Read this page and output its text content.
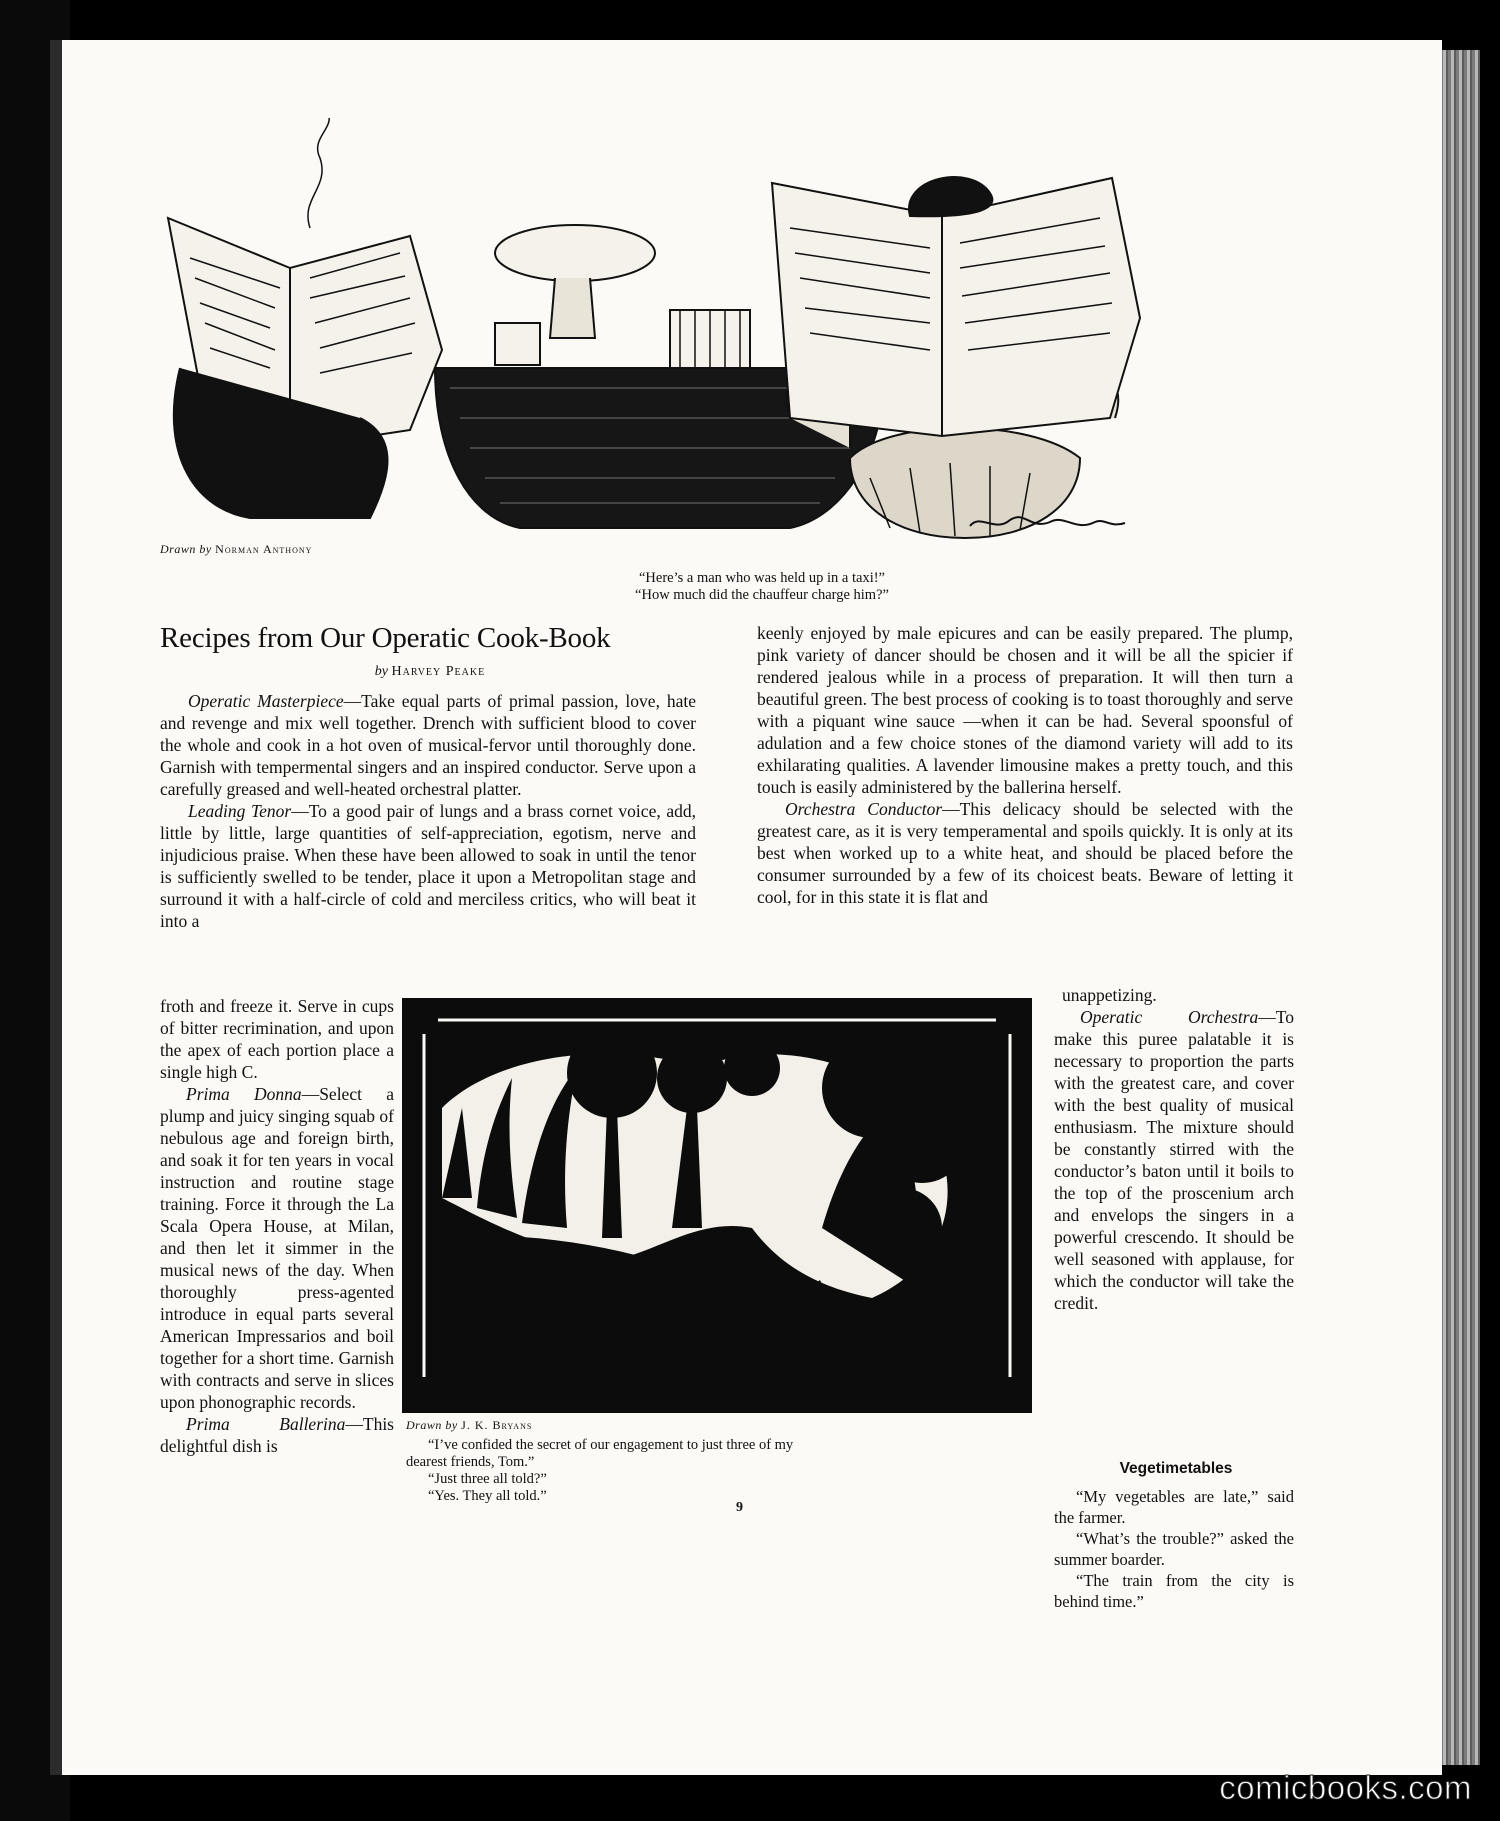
Drawn by Norman Anthony
“Here’s a man who was held up in a taxi!”
“How much did the chauffeur charge him?”
Recipes from Our Operatic Cook-Book
by Harvey Peake

Operatic Masterpiece—Take equal parts of primal passion, love, hate and revenge and mix well together. Drench with sufficient blood to cover the whole and cook in a hot oven of musical-fervor until thoroughly done. Garnish with tempermental singers and an inspired conductor. Serve upon a carefully greased and well-heated orchestral platter.

Leading Tenor—To a good pair of lungs and a brass cornet voice, add, little by little, large quantities of self-appreciation, egotism, nerve and injudicious praise. When these have been allowed to soak in until the tenor is sufficiently swelled to be tender, place it upon a Metropolitan stage and surround it with a half-circle of cold and merciless critics, who will beat it into a

froth and freeze it. Serve in cups of bitter recrimination, and upon the apex of each portion place a single high C.

Prima Donna—Select a plump and juicy singing squab of nebulous age and foreign birth, and soak it for ten years in vocal instruction and routine stage training. Force it through the La Scala Opera House, at Milan, and then let it simmer in the musical news of the day. When thoroughly press-agented introduce in equal parts several American Impressarios and boil together for a short time. Garnish with contracts and serve in slices upon phonographic records.

Prima Ballerina—This delightful dish is

keenly enjoyed by male epicures and can be easily prepared. The plump, pink variety of dancer should be chosen and it will be all the spicier if rendered jealous while in a process of preparation. It will then turn a beautiful green. The best process of cooking is to toast thoroughly and serve with a piquant wine sauce —when it can be had. Several spoonsful of adulation and a few choice stones of the diamond variety will add to its exhilarating qualities. A lavender limousine makes a pretty touch, and this touch is easily administered by the ballerina herself.

Orchestra Conductor—This delicacy should be selected with the greatest care, as it is very temperamental and spoils quickly. It is only at its best when worked up to a white heat, and should be placed before the consumer surrounded by a few of its choicest beats. Beware of letting it cool, for in this state it is flat and

unappetizing.

Operatic Orchestra—To make this puree palatable it is necessary to proportion the parts with the greatest care, and cover with the best quality of musical enthusiasm. The mixture should be constantly stirred with the conductor’s baton until it boils to the top of the proscenium arch and envelops the singers in a powerful crescendo. It should be well seasoned with applause, for which the conductor will take the credit.

Vegetimetables

“My vegetables are late,” said the farmer.

“What’s the trouble?” asked the summer boarder.

“The train from the city is behind time.”

Drawn by J. K. Bryans
“I’ve confided the secret of our engagement to just three of my
dearest friends, Tom.”
“Just three all told?”
“Yes. They all told.”
9
comicbooks.com
